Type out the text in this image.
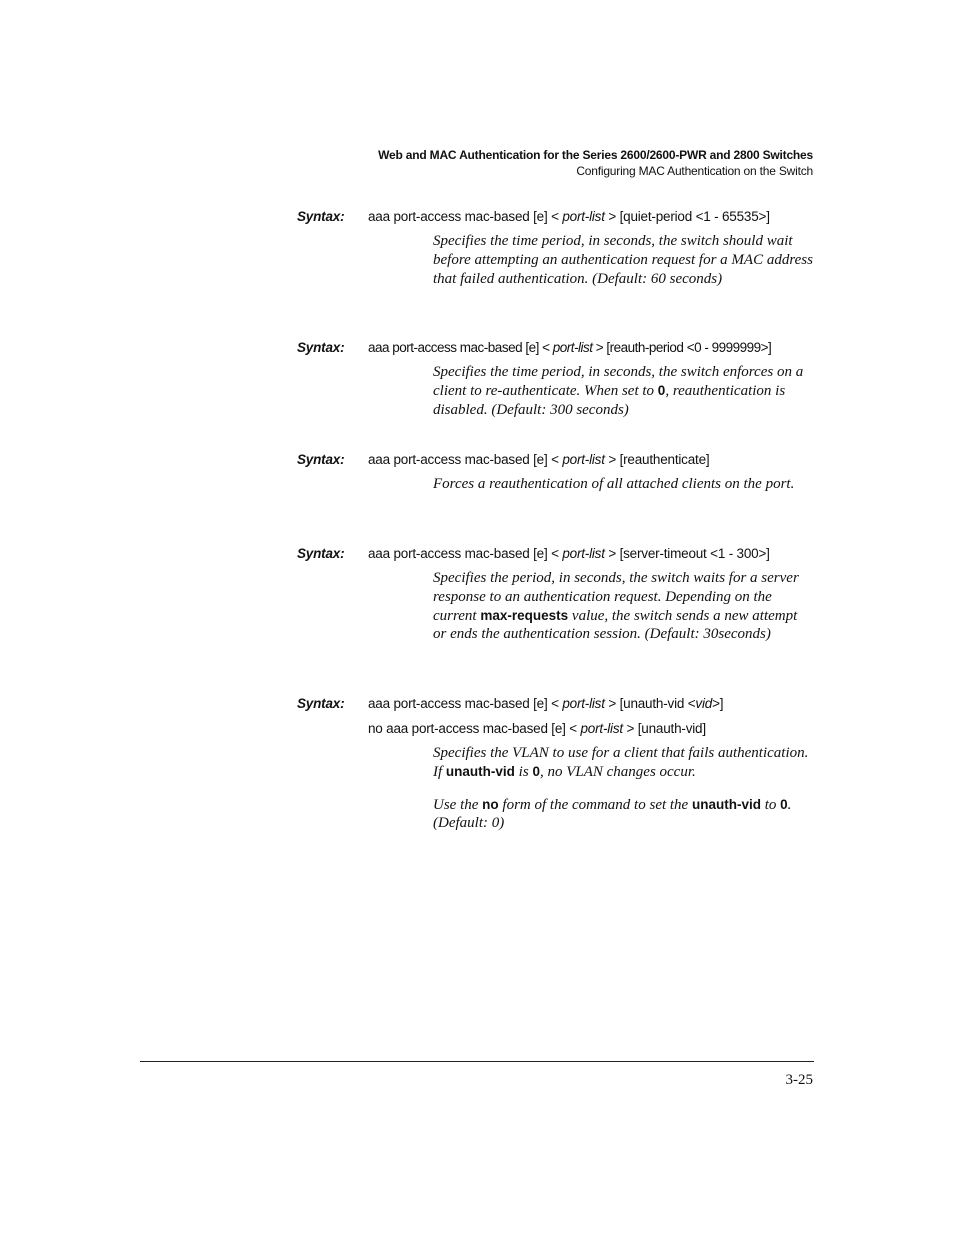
Web and MAC Authentication for the Series 2600/2600-PWR and 2800 Switches
Configuring MAC Authentication on the Switch
Syntax: aaa port-access mac-based [e] < port-list > [quiet-period <1 - 65535>]

Specifies the time period, in seconds, the switch should wait before attempting an authentication request for a MAC address that failed authentication. (Default: 60 seconds)

Syntax: aaa port-access mac-based [e] < port-list > [reauth-period <0 - 9999999>]

Specifies the time period, in seconds, the switch enforces on a client to re-authenticate. When set to 0, reauthentication is disabled. (Default: 300 seconds)

Syntax: aaa port-access mac-based [e] < port-list > [reauthenticate]

Forces a reauthentication of all attached clients on the port.

Syntax: aaa port-access mac-based [e] < port-list > [server-timeout <1 - 300>]

Specifies the period, in seconds, the switch waits for a server response to an authentication request. Depending on the current max-requests value, the switch sends a new attempt or ends the authentication session. (Default: 30seconds)

Syntax: aaa port-access mac-based [e] < port-list > [unauth-vid <vid>]
no aaa port-access mac-based [e] < port-list > [unauth-vid]

Specifies the VLAN to use for a client that fails authentication. If unauth-vid is 0, no VLAN changes occur.

Use the no form of the command to set the unauth-vid to 0.
(Default: 0)

3-25
